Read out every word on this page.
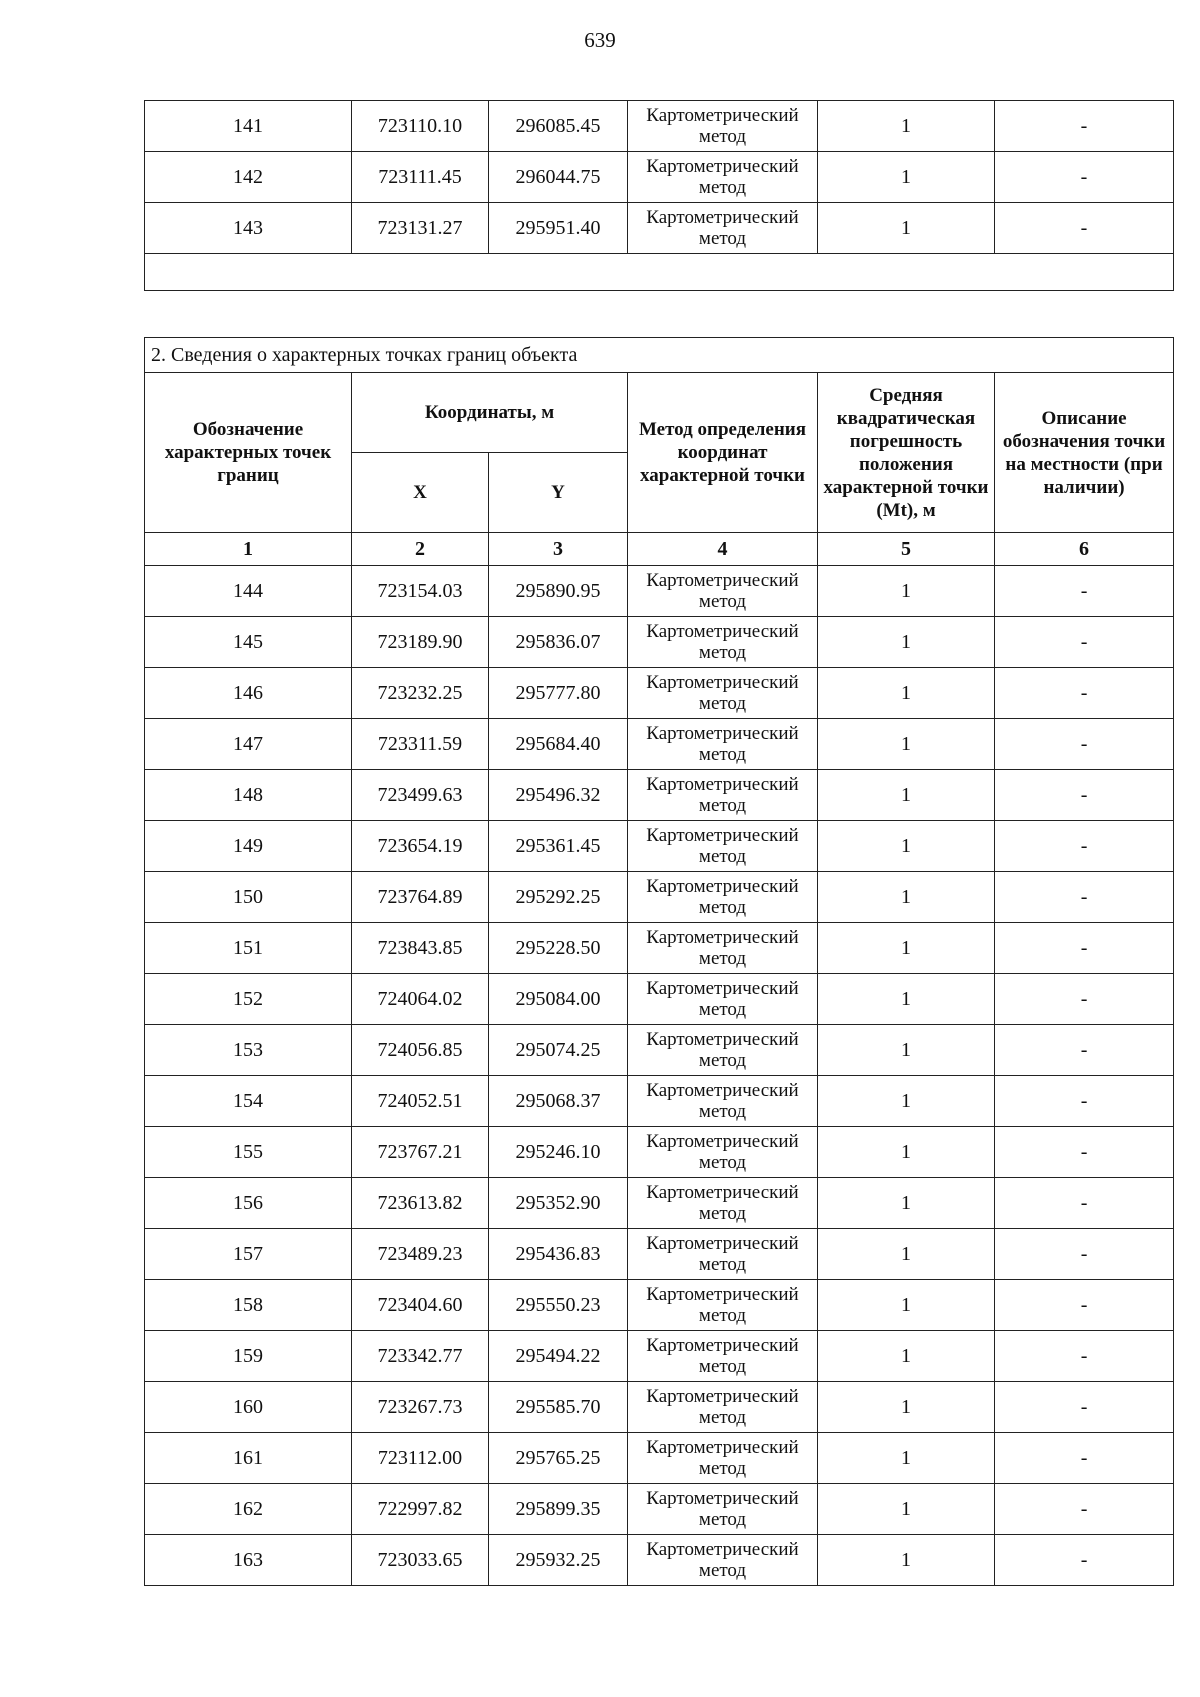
639
141	723110.10	296085.45	Картометрический метод	1	-
142	723111.45	296044.75	Картометрический метод	1	-
143	723131.27	295951.40	Картометрический метод	1	-

2. Сведения о характерных точках границ объекта					
Обозначение характерных точек границ	Координаты, м		Метод определения координат характерной точки	Средняя квадратическая погрешность положения характерной точки (Mt), м	Описание обозначения точки на местности (при наличии)
	X	Y			
1	2	3	4	5	6
144	723154.03	295890.95	Картометрический метод	1	-
145	723189.90	295836.07	Картометрический метод	1	-
146	723232.25	295777.80	Картометрический метод	1	-
147	723311.59	295684.40	Картометрический метод	1	-
148	723499.63	295496.32	Картометрический метод	1	-
149	723654.19	295361.45	Картометрический метод	1	-
150	723764.89	295292.25	Картометрический метод	1	-
151	723843.85	295228.50	Картометрический метод	1	-
152	724064.02	295084.00	Картометрический метод	1	-
153	724056.85	295074.25	Картометрический метод	1	-
154	724052.51	295068.37	Картометрический метод	1	-
155	723767.21	295246.10	Картометрический метод	1	-
156	723613.82	295352.90	Картометрический метод	1	-
157	723489.23	295436.83	Картометрический метод	1	-
158	723404.60	295550.23	Картометрический метод	1	-
159	723342.77	295494.22	Картометрический метод	1	-
160	723267.73	295585.70	Картометрический метод	1	-
161	723112.00	295765.25	Картометрический метод	1	-
162	722997.82	295899.35	Картометрический метод	1	-
163	723033.65	295932.25	Картометрический метод	1	-
